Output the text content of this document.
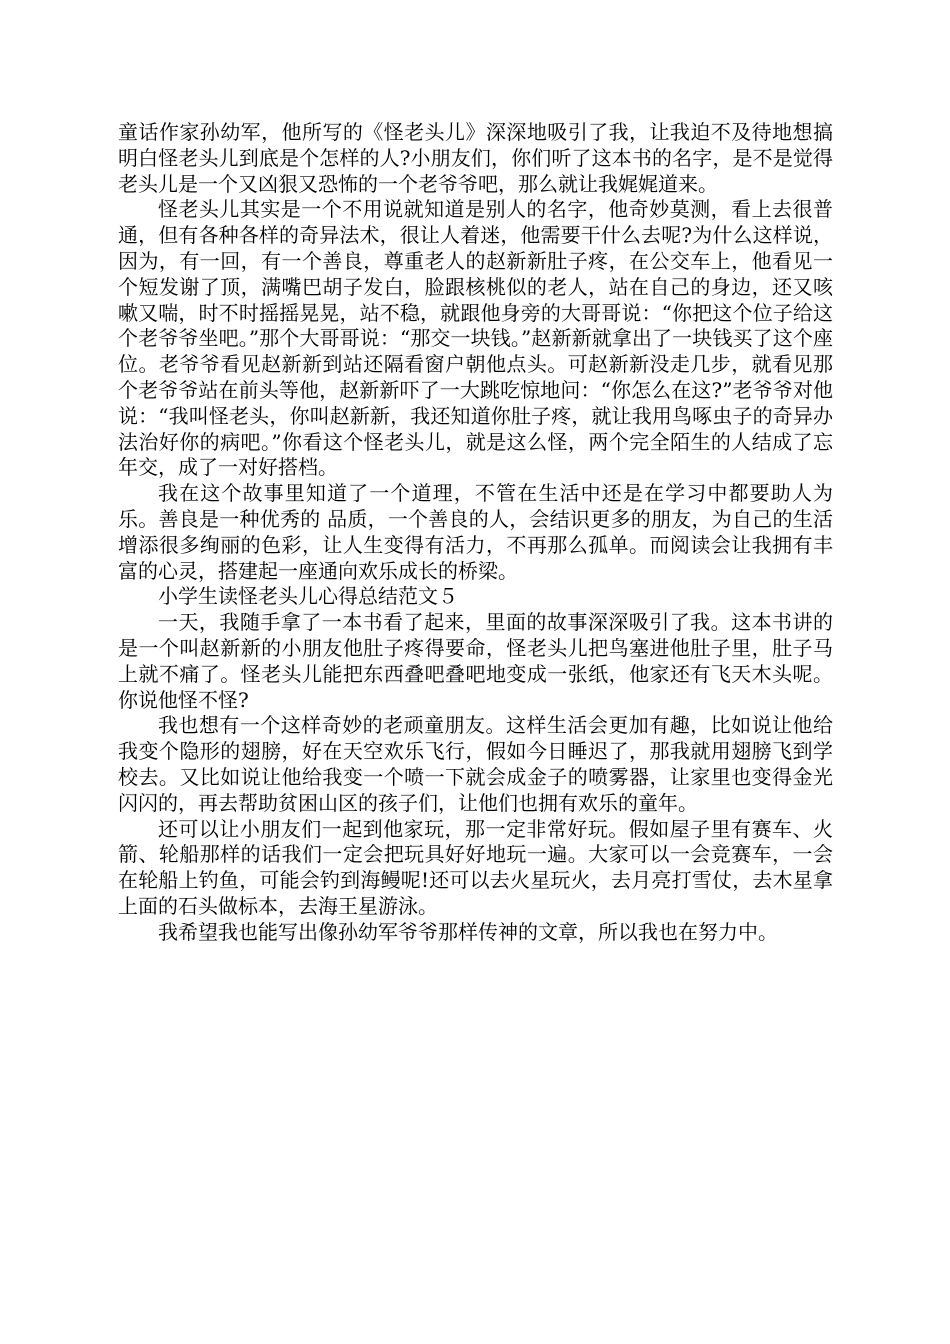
童话作家孙幼军，他所写的《怪老头儿》深深地吸引了我，让我迫不及待地想搞明白怪老头儿到底是个怎样的人?小朋友们，你们听了这本书的名字，是不是觉得老头儿是一个又凶狠又恐怖的一个老爷爷吧，那么就让我娓娓道来。

怪老头儿其实是一个不用说就知道是别人的名字，他奇妙莫测，看上去很普通，但有各种各样的奇异法术，很让人着迷，他需要干什么去呢?为什么这样说，因为，有一回，有一个善良，尊重老人的赵新新肚子疼，在公交车上，他看见一个短发谢了顶，满嘴巴胡子发白，脸跟核桃似的老人，站在自己的身边，还又咳嗽又喘，时不时摇摇晃晃，站不稳，就跟他身旁的大哥哥说：“你把这个位子给这个老爷爷坐吧。”那个大哥哥说：“那交一块钱。”赵新新就拿出了一块钱买了这个座位。老爷爷看见赵新新到站还隔看窗户朝他点头。可赵新新没走几步，就看见那个老爷爷站在前头等他，赵新新吓了一大跳吃惊地问：“你怎么在这?”老爷爷对他说：“我叫怪老头，你叫赵新新，我还知道你肚子疼，就让我用鸟啄虫子的奇异办法治好你的病吧。”你看这个怪老头儿，就是这么怪，两个完全陌生的人结成了忘年交，成了一对好搭档。

我在这个故事里知道了一个道理，不管在生活中还是在学习中都要助人为乐。善良是一种优秀的 品质，一个善良的人，会结识更多的朋友，为自己的生活增添很多绚丽的色彩，让人生变得有活力，不再那么孤单。而阅读会让我拥有丰富的心灵，搭建起一座通向欢乐成长的桥梁。

小学生读怪老头儿心得总结范文５

一天，我随手拿了一本书看了起来，里面的故事深深吸引了我。这本书讲的是一个叫赵新新的小朋友他肚子疼得要命，怪老头儿把鸟塞进他肚子里，肚子马上就不痛了。怪老头儿能把东西叠吧叠吧地变成一张纸，他家还有飞天木头呢。你说他怪不怪?

我也想有一个这样奇妙的老顽童朋友。这样生活会更加有趣，比如说让他给我变个隐形的翅膀，好在天空欢乐飞行，假如今日睡迟了，那我就用翅膀飞到学校去。又比如说让他给我变一个喷一下就会成金子的喷雾器，让家里也变得金光闪闪的，再去帮助贫困山区的孩子们，让他们也拥有欢乐的童年。

还可以让小朋友们一起到他家玩，那一定非常好玩。假如屋子里有赛车、火箭、轮船那样的话我们一定会把玩具好好地玩一遍。大家可以一会竞赛车，一会在轮船上钓鱼，可能会钓到海鳗呢!还可以去火星玩火，去月亮打雪仗，去木星拿上面的石头做标本，去海王星游泳。

我希望我也能写出像孙幼军爷爷那样传神的文章，所以我也在努力中。
